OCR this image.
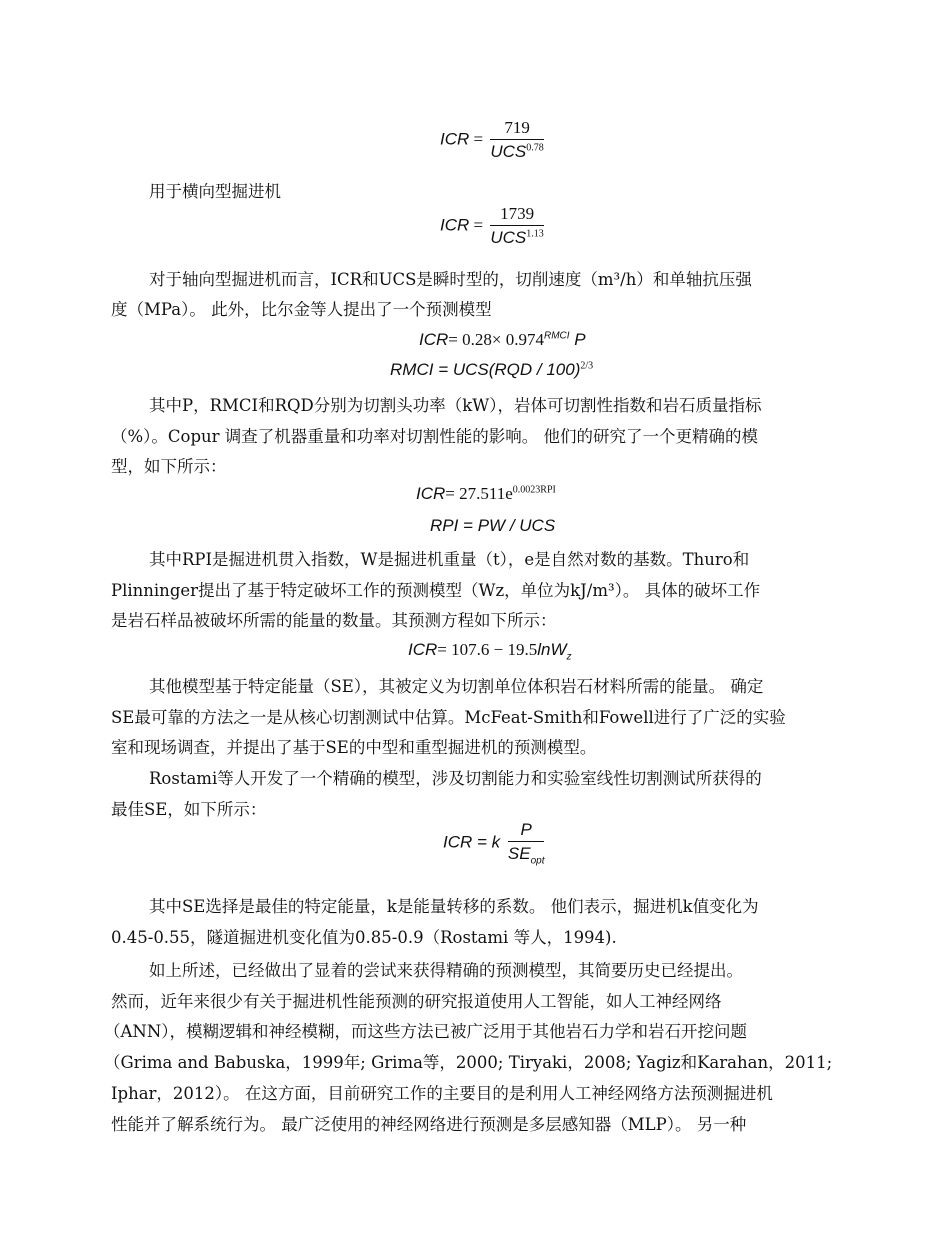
ICR = $\frac{719}{UCS^{0.78}}$
用于横向型掘进机
ICR = $\frac{1739}{UCS^{1.13}}$
对于轴向型掘进机而言，ICR和UCS是瞬时型的，切削速度（m³/h）和单轴抗压强
度（MPa）。 此外，比尔金等人提出了一个预测模型
$ICR= 0.28\times 0.974^{RMCI}$ P
RMCI = UCS(RQD / 100)$^{2/3}$
其中P，RMCI和RQD分别为切割头功率（kW），岩体可切割性指数和岩石质量指标
（%）。Copur 调查了机器重量和功率对切割性能的影响。 他们的研究了一个更精确的模
型，如下所示：
$ICR= 27.511e^{0.0023RPI}$
RPI = PW / UCS
其中RPI是掘进机贯入指数，W是掘进机重量（t），e是自然对数的基数。Thuro和
Plinninger提出了基于特定破坏工作的预测模型（Wz，单位为kJ/m³）。 具体的破坏工作
是岩石样品被破坏所需的能量的数量。其预测方程如下所示：
ICR= 107.6 − 19.5lnW$_z$
其他模型基于特定能量（SE），其被定义为切割单位体积岩石材料所需的能量。 确定
SE最可靠的方法之一是从核心切割测试中估算。McFeat-Smith和Fowell进行了广泛的实验
室和现场调查，并提出了基于SE的中型和重型掘进机的预测模型。
Rostami等人开发了一个精确的模型，涉及切割能力和实验室线性切割测试所获得的
最佳SE，如下所示：
ICR = k $\frac{P}{SE_{opt}}$
其中SE选择是最佳的特定能量，k是能量转移的系数。 他们表示，掘进机k值变化为
0.45-0.55，隧道掘进机变化值为0.85-0.9（Rostami 等人，1994).
如上所述，已经做出了显着的尝试来获得精确的预测模型，其简要历史已经提出。
然而，近年来很少有关于掘进机性能预测的研究报道使用人工智能，如人工神经网络
（ANN），模糊逻辑和神经模糊，而这些方法已被广泛用于其他岩石力学和岩石开挖问题
（Grima and Babuska，1999年; Grima等，2000; Tiryaki，2008; Yagiz和Karahan，2011;
Iphar，2012）。 在这方面，目前研究工作的主要目的是利用人工神经网络方法预测掘进机
性能并了解系统行为。 最广泛使用的神经网络进行预测是多层感知器（MLP）。 另一种
